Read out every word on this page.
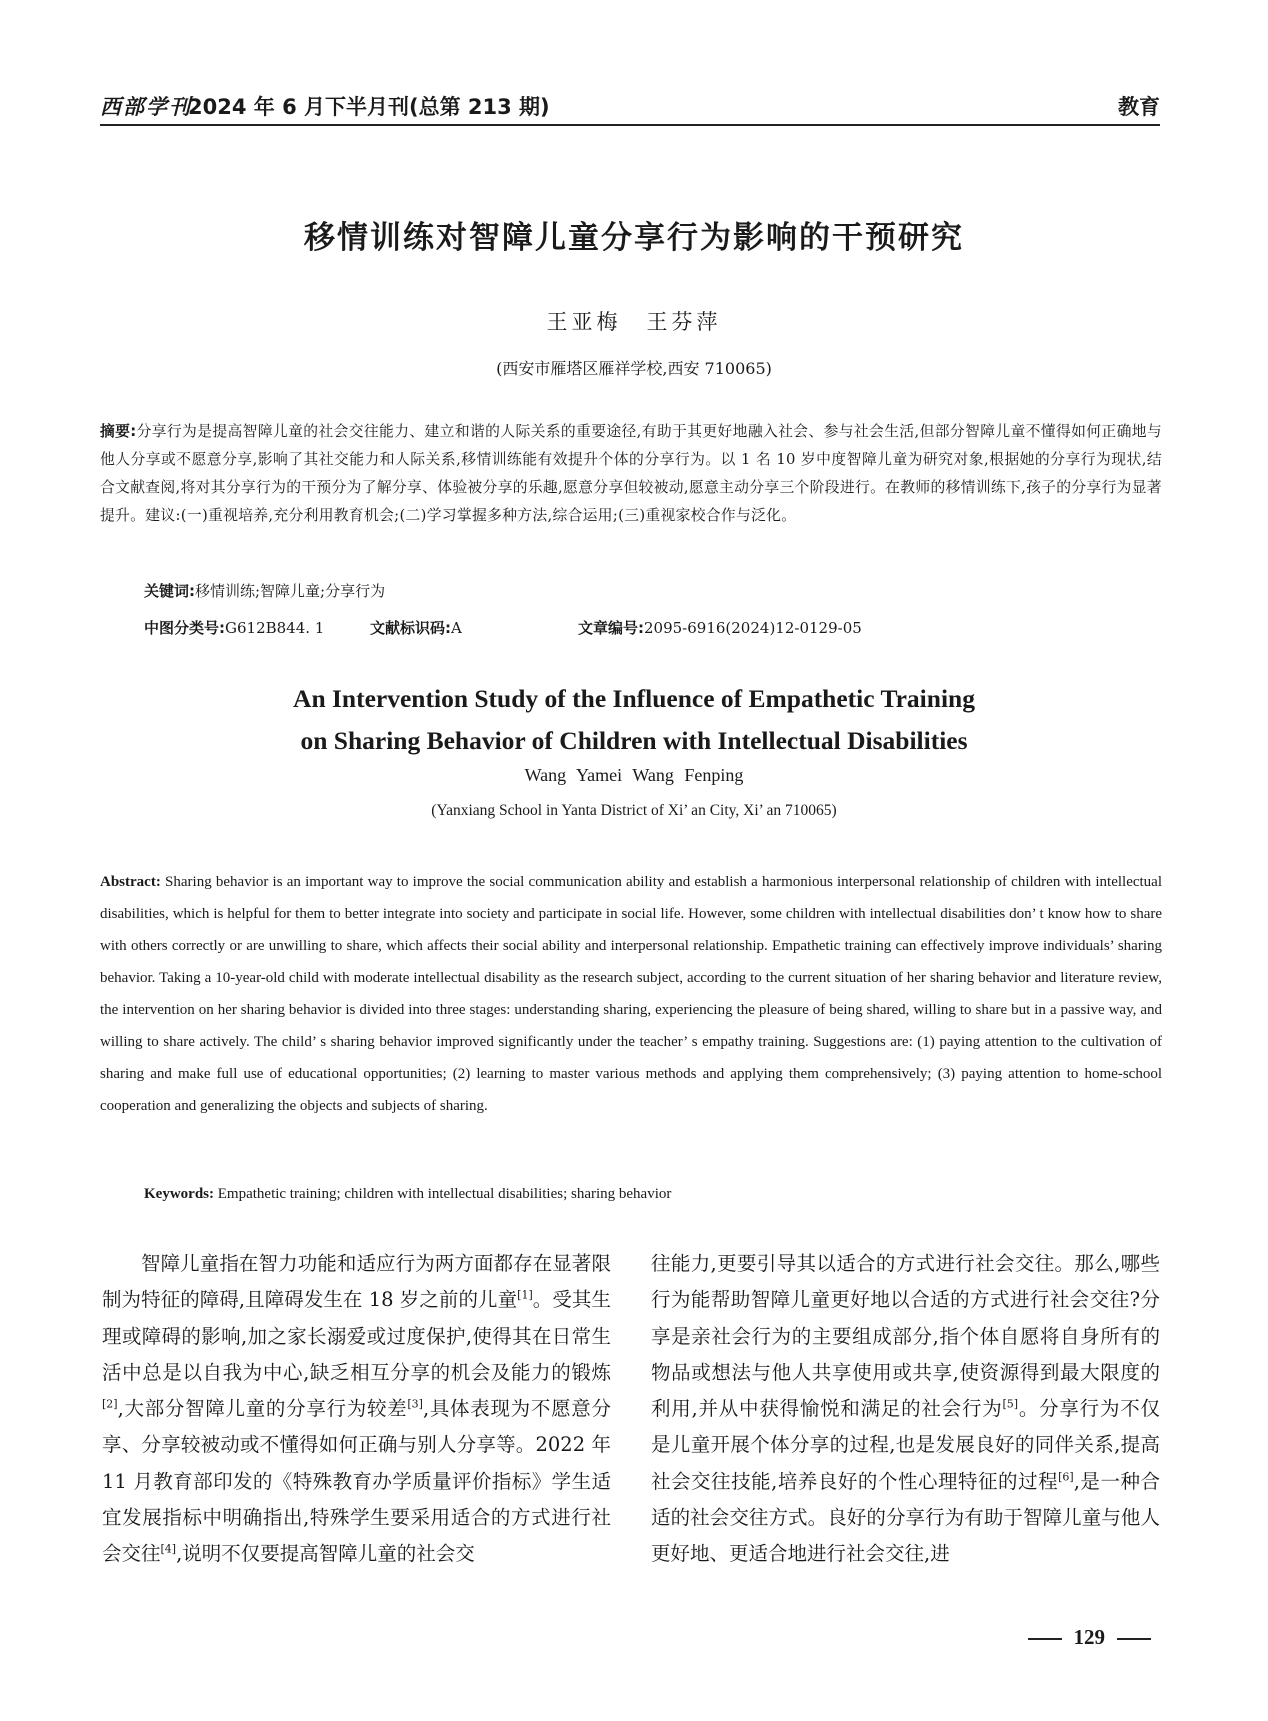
西部学刊
2024 年 6 月下半月刊(总第 213 期)	教育
移情训练对智障儿童分享行为影响的干预研究
王亚梅　王芬萍
(西安市雁塔区雁祥学校,西安 710065)
摘要:分享行为是提高智障儿童的社会交往能力、建立和谐的人际关系的重要途径,有助于其更好地融入社会、参与社会生活,但部分智障儿童不懂得如何正确地与他人分享或不愿意分享,影响了其社交能力和人际关系,移情训练能有效提升个体的分享行为。以 1 名 10 岁中度智障儿童为研究对象,根据她的分享行为现状,结合文献查阅,将对其分享行为的干预分为了解分享、体验被分享的乐趣,愿意分享但较被动,愿意主动分享三个阶段进行。在教师的移情训练下,孩子的分享行为显著提升。建议:(一)重视培养,充分利用教育机会;(二)学习掌握多种方法,综合运用;(三)重视家校合作与泛化。
关键词:移情训练;智障儿童;分享行为
中图分类号:G612B844. 1	文献标识码:A	文章编号:2095-6916(2024)12-0129-05
An Intervention Study of the Influence of Empathetic Training
on Sharing Behavior of Children with Intellectual Disabilities
Wang Yamei Wang Fenping
(Yanxiang School in Yanta District of Xi’ an City, Xi’ an 710065)
Abstract: Sharing behavior is an important way to improve the social communication ability and establish a harmonious interpersonal relationship of children with intellectual disabilities, which is helpful for them to better integrate into society and participate in social life. However, some children with intellectual disabilities don’ t know how to share with others correctly or are unwilling to share, which affects their social ability and interpersonal relationship. Empathetic training can effectively improve individuals’ sharing behavior. Taking a 10-year-old child with moderate intellectual disability as the research subject, according to the current situation of her sharing behavior and literature review, the intervention on her sharing behavior is divided into three stages: understanding sharing, experiencing the pleasure of being shared, willing to share but in a passive way, and willing to share actively. The child’ s sharing behavior improved significantly under the teacher’ s empathy training. Suggestions are: (1) paying attention to the cultivation of sharing and make full use of educational opportunities; (2) learning to master various methods and applying them comprehensively; (3) paying attention to home-school cooperation and generalizing the objects and subjects of sharing.
Keywords: Empathetic training; children with intellectual disabilities; sharing behavior
智障儿童指在智力功能和适应行为两方面都存在显著限制为特征的障碍,且障碍发生在 18 岁之前的儿童[1]。受其生理或障碍的影响,加之家长溺爱或过度保护,使得其在日常生活中总是以自我为中心,缺乏相互分享的机会及能力的锻炼[2],大部分智障儿童的分享行为较差[3],具体表现为不愿意分享、分享较被动或不懂得如何正确与别人分享等。2022 年 11 月教育部印发的《特殊教育办学质量评价指标》学生适宜发展指标中明确指出,特殊学生要采用适合的方式进行社会交往[4],说明不仅要提高智障儿童的社会交
往能力,更要引导其以适合的方式进行社会交往。那么,哪些行为能帮助智障儿童更好地以合适的方式进行社会交往?分享是亲社会行为的主要组成部分,指个体自愿将自身所有的物品或想法与他人共享使用或共享,使资源得到最大限度的利用,并从中获得愉悦和满足的社会行为[5]。分享行为不仅是儿童开展个体分享的过程,也是发展良好的同伴关系,提高社会交往技能,培养良好的个性心理特征的过程[6],是一种合适的社会交往方式。良好的分享行为有助于智障儿童与他人更好地、更适合地进行社会交往,进
129
